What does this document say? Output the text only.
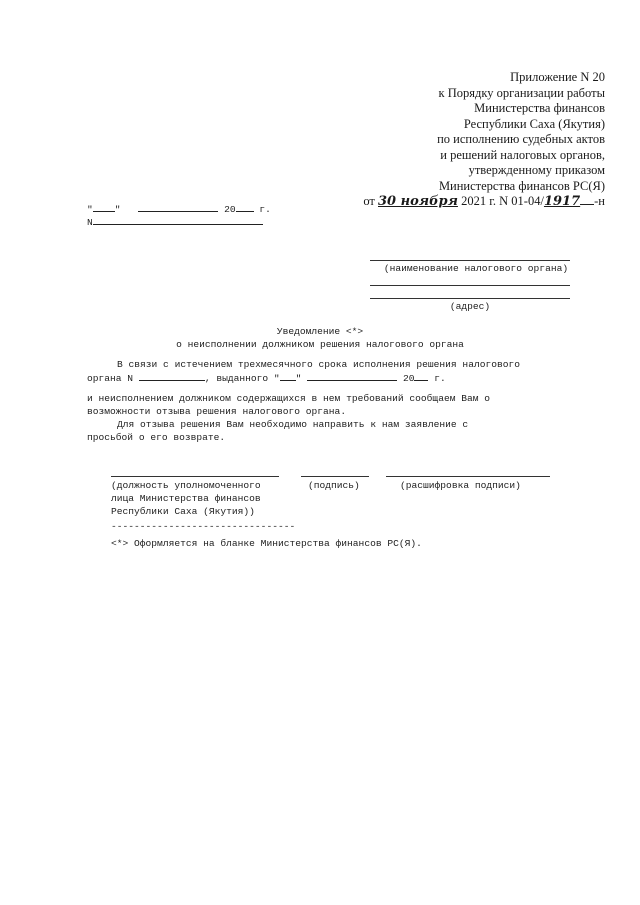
Приложение N 20
к Порядку организации работы
Министерства финансов
Республики Саха (Якутия)
по исполнению судебных актов
и решений налоговых органов,
утвержденному приказом
Министерства финансов РС(Я)
от 30 ноября 2021 г. N 01-04/1917 -н
" "	20 г.
N
(наименование налогового органа)
(адрес)
Уведомление <*>
о неисполнении должником решения налогового органа
В связи с истечением трехмесячного срока исполнения решения налогового
органа N	, выданного " "	20 г.
и неисполнением должником содержащихся в нем требований сообщаем Вам о
возможности отзыва решения налогового органа.
Для отзыва решения Вам необходимо направить к нам заявление с
просьбой о его возврате.
(должность уполномоченного
лица Министерства финансов
Республики Саха (Якутия))
(подпись)	(расшифровка подписи)
--------------------------------
<*> Оформляется на бланке Министерства финансов РС(Я).
